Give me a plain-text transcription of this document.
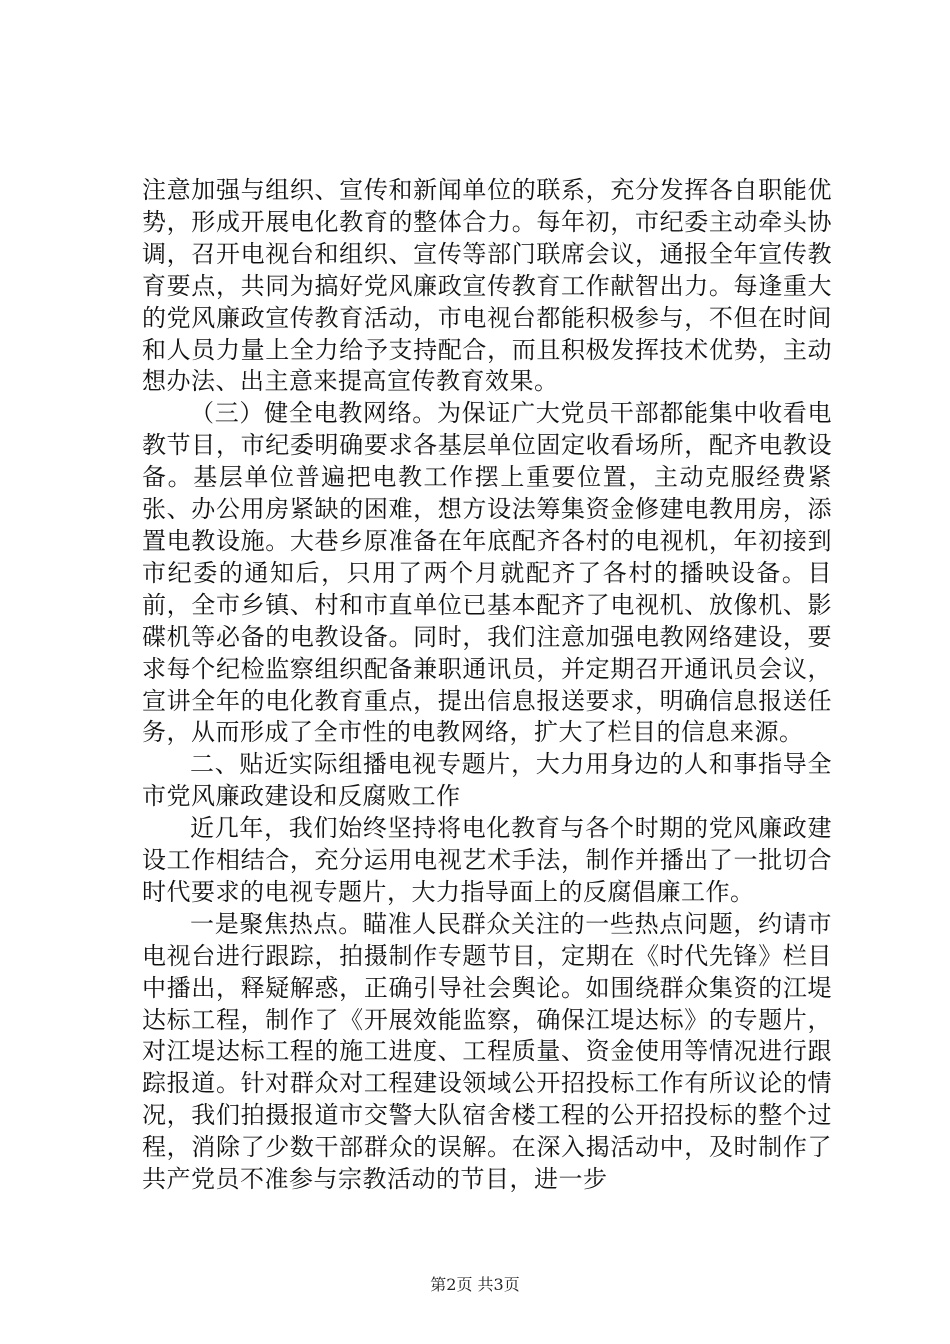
注意加强与组织、宣传和新闻单位的联系，充分发挥各自职能优势，形成开展电化教育的整体合力。每年初，市纪委主动牵头协调，召开电视台和组织、宣传等部门联席会议，通报全年宣传教育要点，共同为搞好党风廉政宣传教育工作献智出力。每逢重大的党风廉政宣传教育活动，市电视台都能积极参与，不但在时间和人员力量上全力给予支持配合，而且积极发挥技术优势，主动想办法、出主意来提高宣传教育效果。

（三）健全电教网络。为保证广大党员干部都能集中收看电教节目，市纪委明确要求各基层单位固定收看场所，配齐电教设备。基层单位普遍把电教工作摆上重要位置，主动克服经费紧张、办公用房紧缺的困难，想方设法筹集资金修建电教用房，添置电教设施。大巷乡原准备在年底配齐各村的电视机，年初接到市纪委的通知后，只用了两个月就配齐了各村的播映设备。目前，全市乡镇、村和市直单位已基本配齐了电视机、放像机、影碟机等必备的电教设备。同时，我们注意加强电教网络建设，要求每个纪检监察组织配备兼职通讯员，并定期召开通讯员会议，宣讲全年的电化教育重点，提出信息报送要求，明确信息报送任务，从而形成了全市性的电教网络，扩大了栏目的信息来源。

二、贴近实际组播电视专题片，大力用身边的人和事指导全市党风廉政建设和反腐败工作

近几年，我们始终坚持将电化教育与各个时期的党风廉政建设工作相结合，充分运用电视艺术手法，制作并播出了一批切合时代要求的电视专题片，大力指导面上的反腐倡廉工作。

一是聚焦热点。瞄准人民群众关注的一些热点问题，约请市电视台进行跟踪，拍摄制作专题节目，定期在《时代先锋》栏目中播出，释疑解惑，正确引导社会舆论。如围绕群众集资的江堤达标工程，制作了《开展效能监察，确保江堤达标》的专题片，对江堤达标工程的施工进度、工程质量、资金使用等情况进行跟踪报道。针对群众对工程建设领域公开招投标工作有所议论的情况，我们拍摄报道市交警大队宿舍楼工程的公开招投标的整个过程，消除了少数干部群众的误解。在深入揭活动中，及时制作了共产党员不准参与宗教活动的节目，进一步

第2页 共3页
